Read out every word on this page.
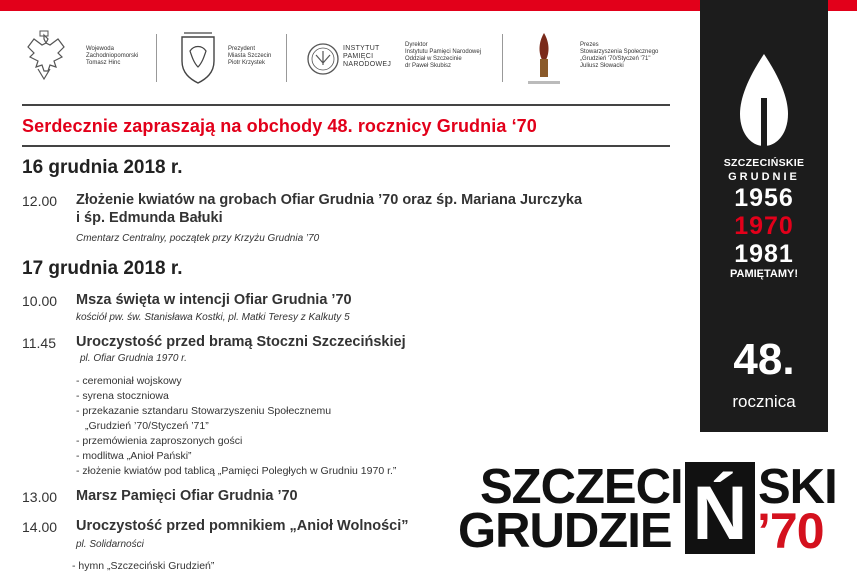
Wojewoda
Zachodniopomorski
Tomasz Hinc
Prezydent
Miasta Szczecin
Piotr Krzystek
INSTYTUT
PAMIĘCI
NARODOWEJ
Dyrektor
Instytutu Pamięci Narodowej
Oddział w Szczecinie
dr Paweł Skubisz
Prezes
Stowarzyszenia Społecznego
„Grudzień '70/Styczeń '71"
Juliusz Słowacki
Serdecznie zapraszają na obchody 48. rocznicy Grudnia ‘70
16 grudnia 2018 r.
12.00 Złożenie kwiatów na grobach Ofiar Grudnia ’70 oraz śp. Mariana Jurczyka
i śp. Edmunda Bałuki
Cmentarz Centralny, początek przy Krzyżu Grudnia ’70
17 grudnia 2018 r.
10.00 Msza święta w intencji Ofiar Grudnia ’70
kościół pw. św. Stanisława Kostki, pl. Matki Teresy z Kalkuty 5
11.45 Uroczystość przed bramą Stoczni Szczecińskiej
pl. Ofiar Grudnia 1970 r.
- ceremoniał wojskowy
- syrena stoczniowa
- przekazanie sztandaru Stowarzyszeniu Społecznemu
„Grudzień ’70/Styczeń ’71”
- przemówienia zaproszonych gości
- modlitwa „Anioł Pański”
- złożenie kwiatów pod tablicą „Pamięci Poległych w Grudniu 1970 r.”
13.00 Marsz Pamięci Ofiar Grudnia ’70
14.00 Uroczystość przed pomnikiem „Anioł Wolności”
pl. Solidarności
- hymn „Szczeciński Grudzień”
SZCZECIŃSKIE
GRUDNIE
1956
1970
1981
PAMIĘTAMY!
48.
rocznica
SZCZECI SKI
GRUDZIE Ń ’70
